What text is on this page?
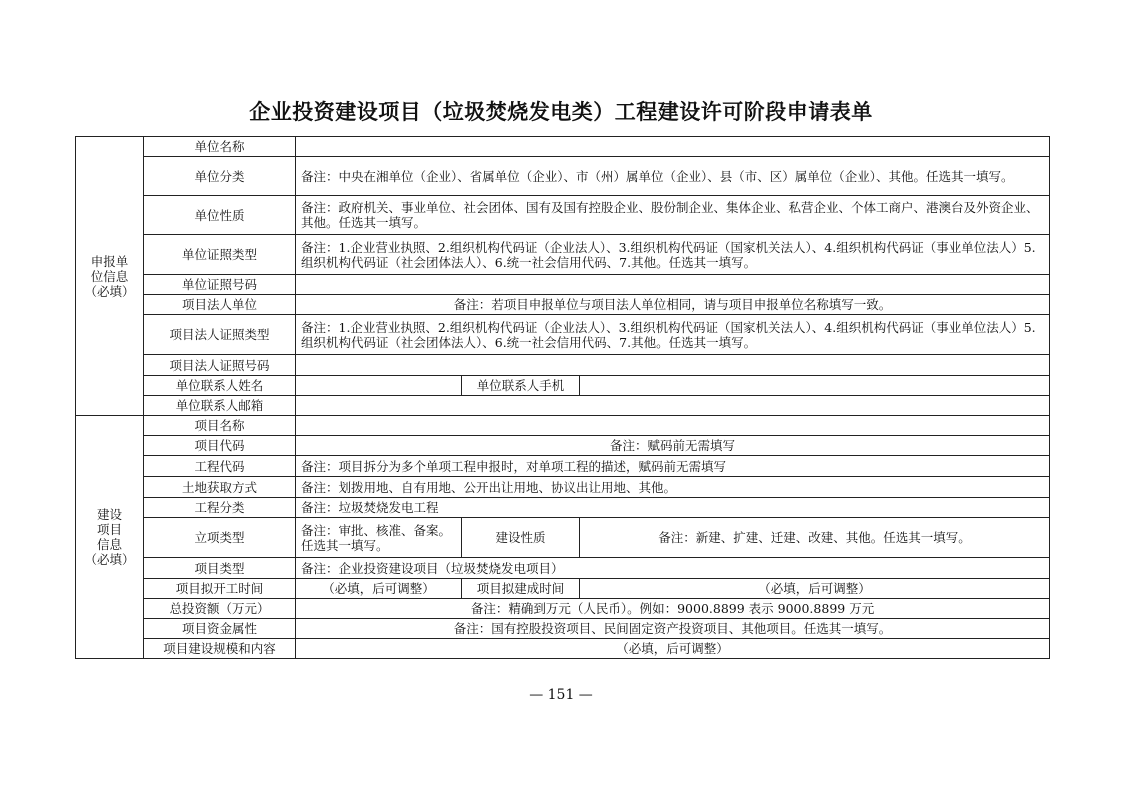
企业投资建设项目（垃圾焚烧发电类）工程建设许可阶段申请表单
申报单
位信息
（必填）	单位名称			
	单位分类	备注：中央在湘单位（企业）、省属单位（企业）、市（州）属单位（企业）、县（市、区）属单位（企业）、其他。任选其一填写。		
	单位性质	备注：政府机关、事业单位、社会团体、国有及国有控股企业、股份制企业、集体企业、私营企业、个体工商户、港澳台及外资企业、其他。任选其一填写。		
	单位证照类型	备注：1.企业营业执照、2.组织机构代码证（企业法人）、3.组织机构代码证（国家机关法人）、4.组织机构代码证（事业单位法人）5.组织机构代码证（社会团体法人）、6.统一社会信用代码、7.其他。任选其一填写。		
	单位证照号码			
	项目法人单位	备注：若项目申报单位与项目法人单位相同，请与项目申报单位名称填写一致。		
	项目法人证照类型	备注：1.企业营业执照、2.组织机构代码证（企业法人）、3.组织机构代码证（国家机关法人）、4.组织机构代码证（事业单位法人）5.组织机构代码证（社会团体法人）、6.统一社会信用代码、7.其他。任选其一填写。		
	项目法人证照号码			
	单位联系人姓名		单位联系人手机	
	单位联系人邮箱			
建设
项目
信息
（必填）	项目名称			
	项目代码	备注：赋码前无需填写		
	工程代码	备注：项目拆分为多个单项工程申报时，对单项工程的描述，赋码前无需填写		
	土地获取方式	备注：划拨用地、自有用地、公开出让用地、协议出让用地、其他。		
	工程分类	备注：垃圾焚烧发电工程		
	立项类型	备注：审批、核准、备案。任选其一填写。	建设性质	备注：新建、扩建、迁建、改建、其他。任选其一填写。
	项目类型	备注：企业投资建设项目（垃圾焚烧发电项目）		
	项目拟开工时间	（必填，后可调整）	项目拟建成时间	（必填，后可调整）
	总投资额（万元）	备注：精确到万元（人民币）。例如：9000.8899 表示 9000.8899 万元		
	项目资金属性	备注：国有控股投资项目、民间固定资产投资项目、其他项目。任选其一填写。		
	项目建设规模和内容	（必填，后可调整）		
— 151 —
